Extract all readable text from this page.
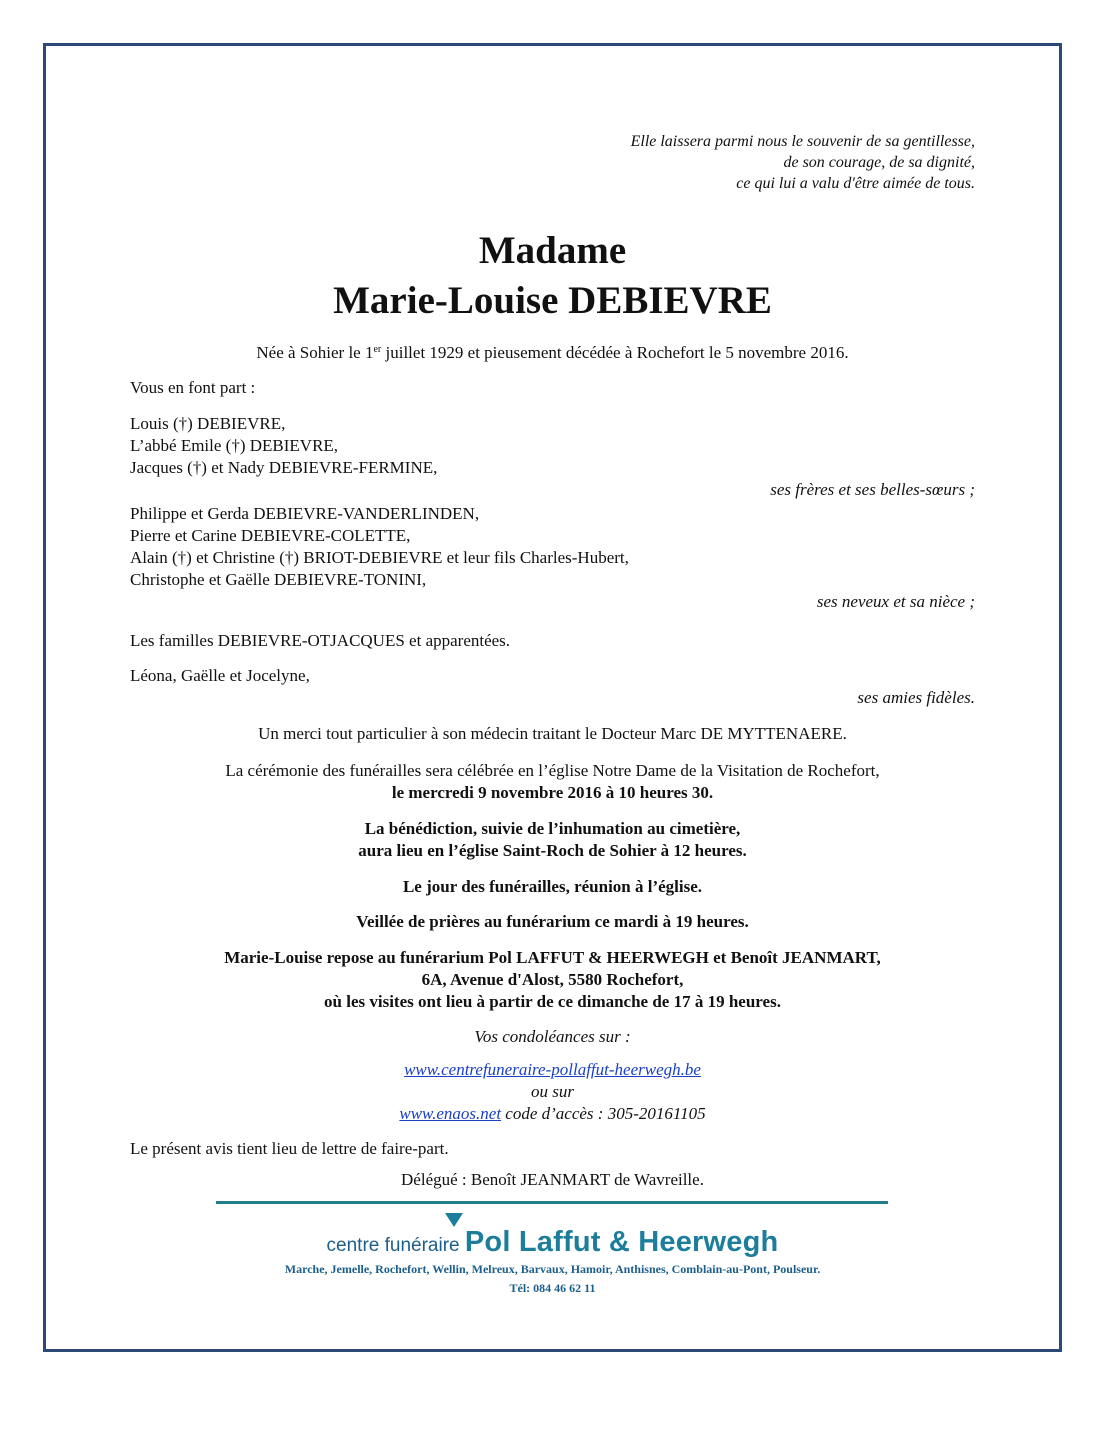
Elle laissera parmi nous le souvenir de sa gentillesse,
de son courage, de sa dignité,
ce qui lui a valu d'être aimée de tous.
Madame
Marie-Louise DEBIEVRE
Née à Sohier le 1er juillet 1929 et pieusement décédée à Rochefort le 5 novembre 2016.
Vous en font part :
Louis (†) DEBIEVRE,
L’abbé Emile (†) DEBIEVRE,
Jacques (†) et Nady DEBIEVRE-FERMINE,
ses frères et ses belles-sœurs ;
Philippe et Gerda DEBIEVRE-VANDERLINDEN,
Pierre et Carine DEBIEVRE-COLETTE,
Alain (†) et Christine (†) BRIOT-DEBIEVRE et leur fils Charles-Hubert,
Christophe et Gaëlle DEBIEVRE-TONINI,
ses neveux et sa nièce ;
Les familles DEBIEVRE-OTJACQUES et apparentées.
Léona, Gaëlle et Jocelyne,
ses amies fidèles.
Un merci tout particulier à son médecin traitant le Docteur Marc DE MYTTENAERE.
La cérémonie des funérailles sera célébrée en l’église Notre Dame de la Visitation de Rochefort,
le mercredi 9 novembre 2016 à 10 heures 30.
La bénédiction, suivie de l’inhumation au cimetière,
aura lieu en l’église Saint-Roch de Sohier à 12 heures.
Le jour des funérailles, réunion à l’église.
Veillée de prières au funérarium ce mardi à 19 heures.
Marie-Louise repose au funérarium Pol LAFFUT & HEERWEGH et Benoît JEANMART,
6A, Avenue d'Alost, 5580 Rochefort,
où les visites ont lieu à partir de ce dimanche de 17 à 19 heures.
Vos condoléances sur :
www.centrefuneraire-pollaffut-heerwegh.be
ou sur
www.enaos.net code d’accès : 305-20161105
Le présent avis tient lieu de lettre de faire-part.
Délégué : Benoît JEANMART de Wavreille.
centre funéraire Pol Laffut & Heerwegh
Marche, Jemelle, Rochefort, Wellin, Melreux, Barvaux, Hamoir, Anthisnes, Comblain-au-Pont, Poulseur.
Tél: 084 46 62 11
